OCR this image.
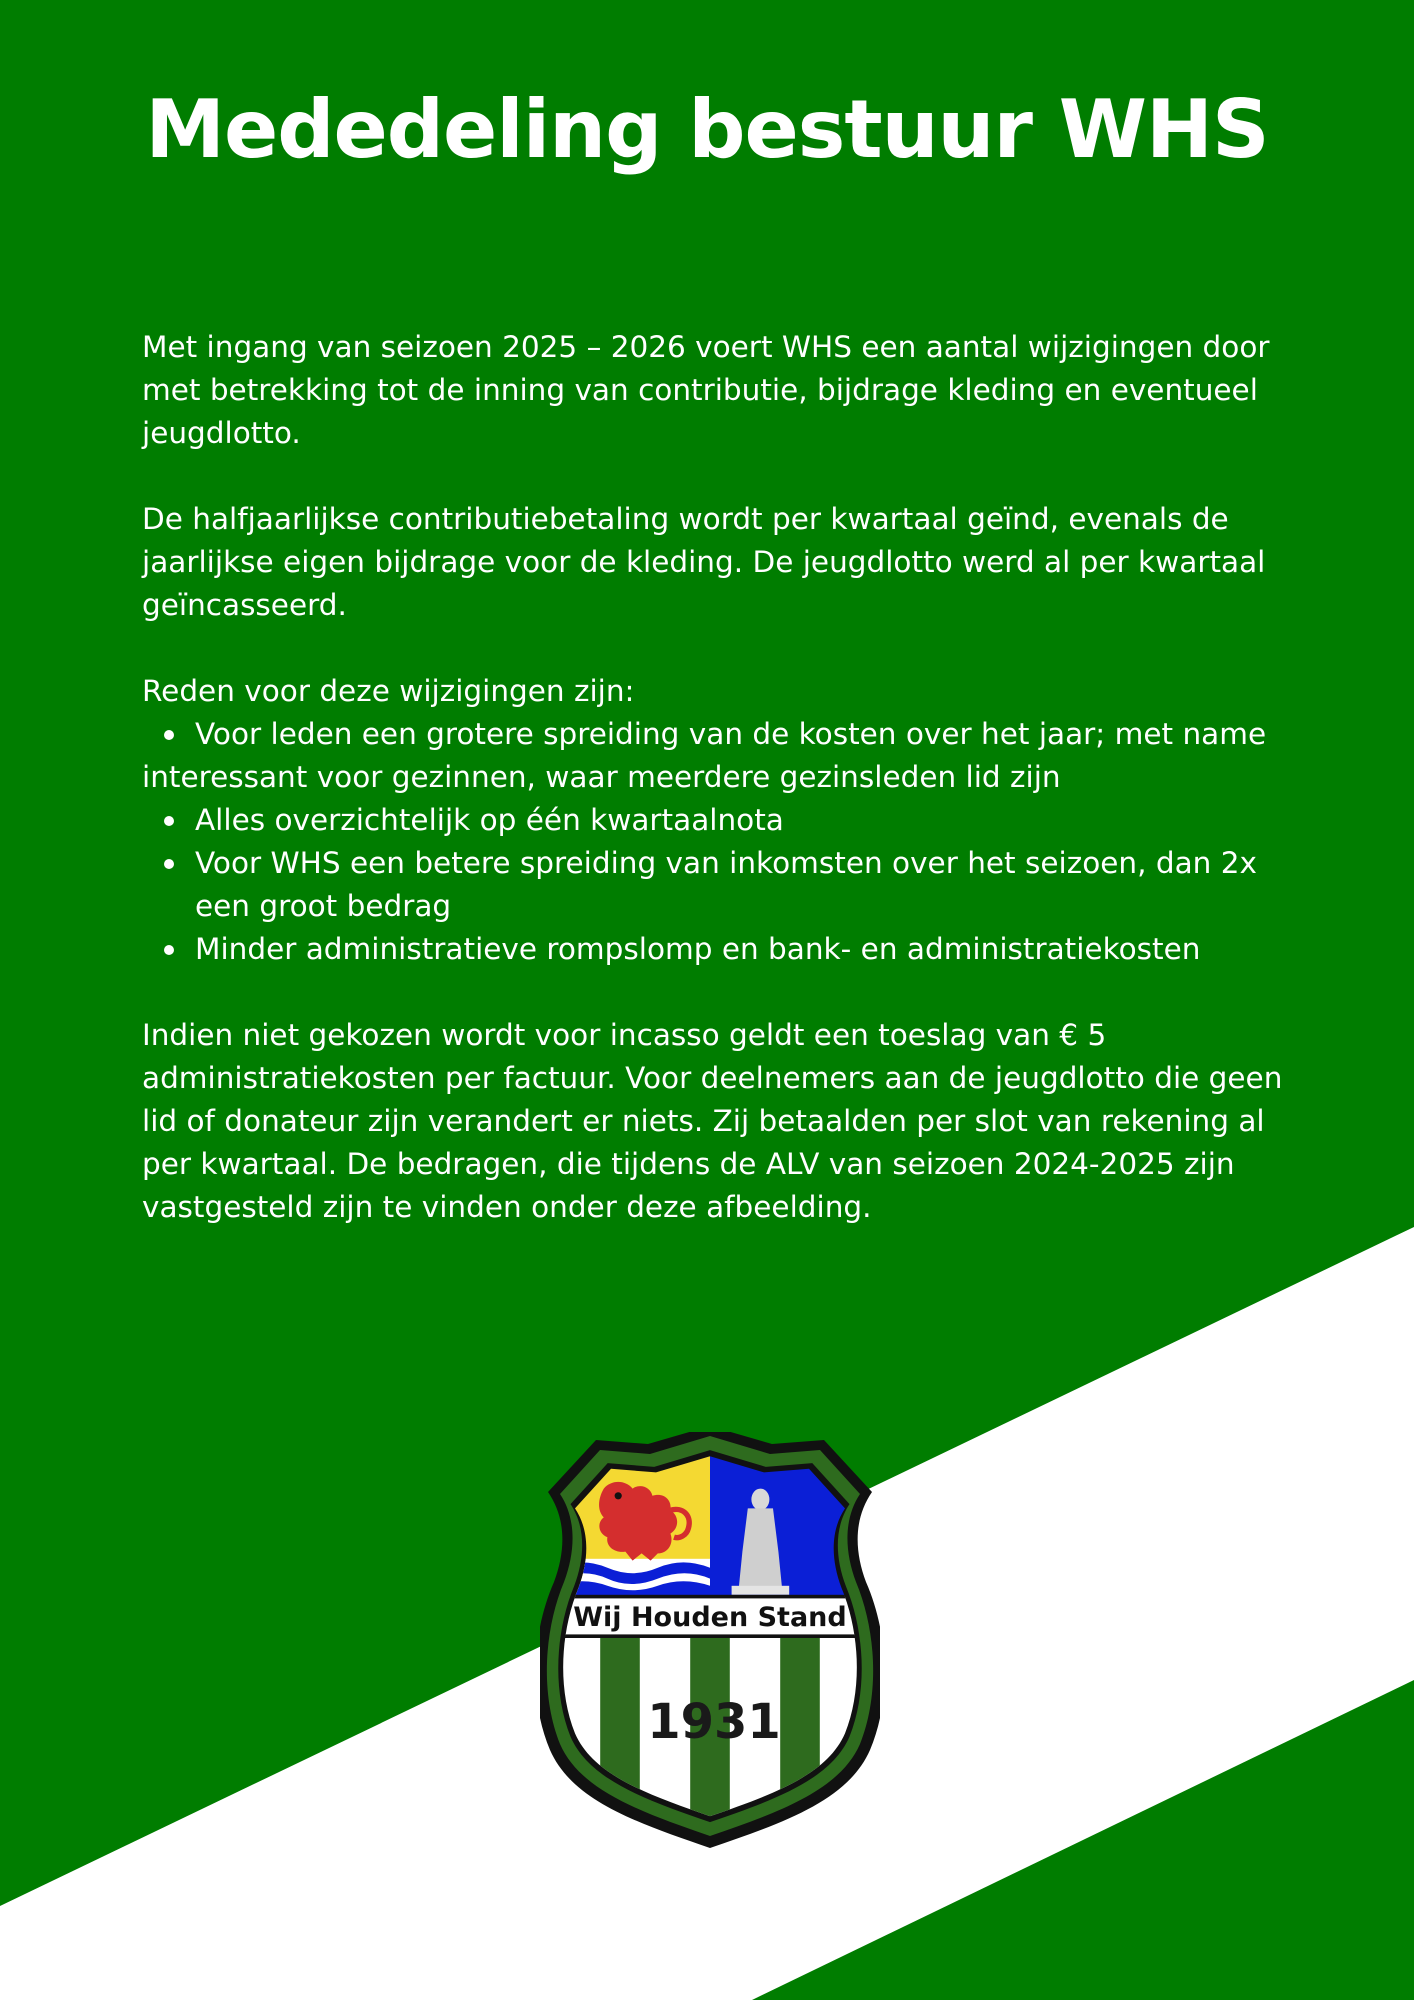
Mededeling bestuur WHS

Met ingang van seizoen 2025 – 2026 voert WHS een aantal wijzigingen door met betrekking tot de inning van contributie, bijdrage kleding en eventueel jeugdlotto.

De halfjaarlijkse contributiebetaling wordt per kwartaal geïnd, evenals de jaarlijkse eigen bijdrage voor de kleding. De jeugdlotto werd al per kwartaal geïncasseerd.

Reden voor deze wijzigingen zijn:

Voor leden een grotere spreiding van de kosten over het jaar; met name interessant voor gezinnen, waar meerdere gezinsleden lid zijn
Alles overzichtelijk op één kwartaalnota
Voor WHS een betere spreiding van inkomsten over het seizoen, dan 2x een groot bedrag
Minder administratieve rompslomp en bank- en administratiekosten

Indien niet gekozen wordt voor incasso geldt een toeslag van € 5 administratiekosten per factuur. Voor deelnemers aan de jeugdlotto die geen lid of donateur zijn verandert er niets. Zij betaalden per slot van rekening al per kwartaal. De bedragen, die tijdens de ALV van seizoen 2024-2025 zijn vastgesteld zijn te vinden onder deze afbeelding.

Wij Houden Stand
1931
